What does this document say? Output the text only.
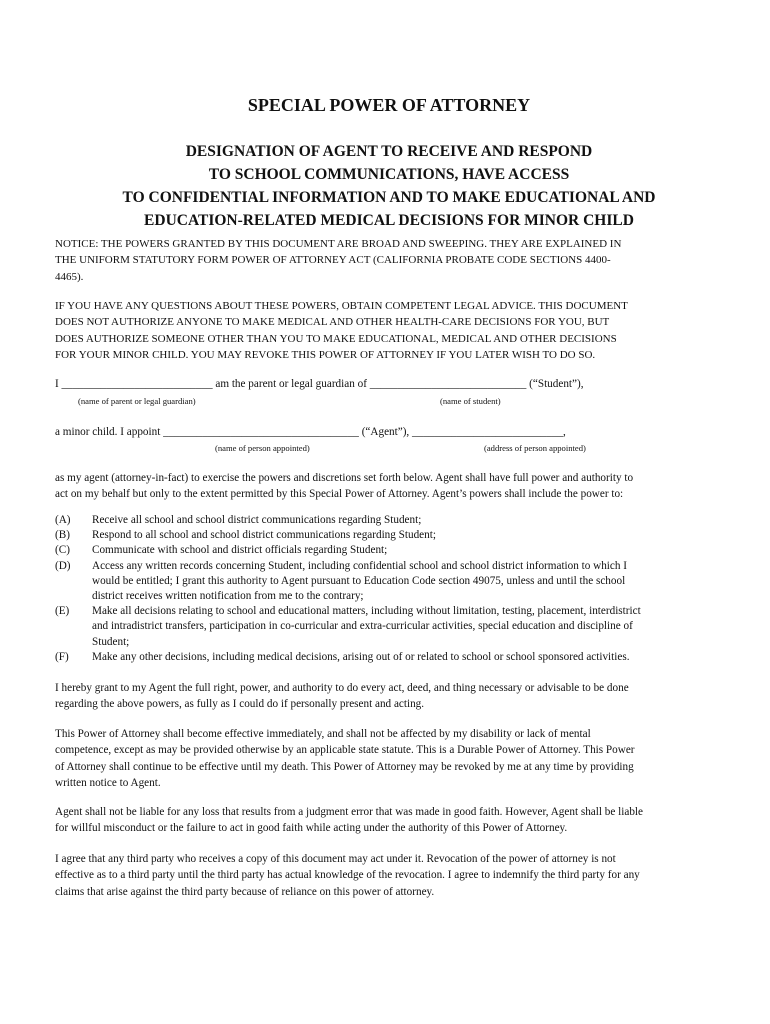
SPECIAL POWER OF ATTORNEY
DESIGNATION OF AGENT TO RECEIVE AND RESPOND
TO SCHOOL COMMUNICATIONS, HAVE ACCESS
TO CONFIDENTIAL INFORMATION AND TO MAKE EDUCATIONAL AND
EDUCATION-RELATED MEDICAL DECISIONS FOR MINOR CHILD
NOTICE: THE POWERS GRANTED BY THIS DOCUMENT ARE BROAD AND SWEEPING. THEY ARE EXPLAINED IN
THE UNIFORM STATUTORY FORM POWER OF ATTORNEY ACT (CALIFORNIA PROBATE CODE SECTIONS 4400-
4465).
IF YOU HAVE ANY QUESTIONS ABOUT THESE POWERS, OBTAIN COMPETENT LEGAL ADVICE. THIS DOCUMENT
DOES NOT AUTHORIZE ANYONE TO MAKE MEDICAL AND OTHER HEALTH-CARE DECISIONS FOR YOU, BUT
DOES AUTHORIZE SOMEONE OTHER THAN YOU TO MAKE EDUCATIONAL, MEDICAL AND OTHER DECISIONS
FOR YOUR MINOR CHILD. YOU MAY REVOKE THIS POWER OF ATTORNEY IF YOU LATER WISH TO DO SO.
I ___________________________ am the parent or legal guardian of ____________________________ (“Student”),
(name of parent or legal guardian)	(name of student)
a minor child. I appoint ___________________________________ (“Agent”), ___________________________,
(name of person appointed)	(address of person appointed)
as my agent (attorney-in-fact) to exercise the powers and discretions set forth below. Agent shall have full power and authority to
act on my behalf but only to the extent permitted by this Special Power of Attorney. Agent’s powers shall include the power to:
(A)	Receive all school and school district communications regarding Student;
(B)	Respond to all school and school district communications regarding Student;
(C)	Communicate with school and district officials regarding Student;
(D)	Access any written records concerning Student, including confidential school and school district information to which I
would be entitled; I grant this authority to Agent pursuant to Education Code section 49075, unless and until the school
district receives written notification from me to the contrary;
(E)	Make all decisions relating to school and educational matters, including without limitation, testing, placement, interdistrict
and intradistrict transfers, participation in co-curricular and extra-curricular activities, special education and discipline of
Student;
(F)	Make any other decisions, including medical decisions, arising out of or related to school or school sponsored activities.
I hereby grant to my Agent the full right, power, and authority to do every act, deed, and thing necessary or advisable to be done
regarding the above powers, as fully as I could do if personally present and acting.
This Power of Attorney shall become effective immediately, and shall not be affected by my disability or lack of mental
competence, except as may be provided otherwise by an applicable state statute. This is a Durable Power of Attorney. This Power
of Attorney shall continue to be effective until my death. This Power of Attorney may be revoked by me at any time by providing
written notice to Agent.
Agent shall not be liable for any loss that results from a judgment error that was made in good faith. However, Agent shall be liable
for willful misconduct or the failure to act in good faith while acting under the authority of this Power of Attorney.
I agree that any third party who receives a copy of this document may act under it. Revocation of the power of attorney is not
effective as to a third party until the third party has actual knowledge of the revocation. I agree to indemnify the third party for any
claims that arise against the third party because of reliance on this power of attorney.
